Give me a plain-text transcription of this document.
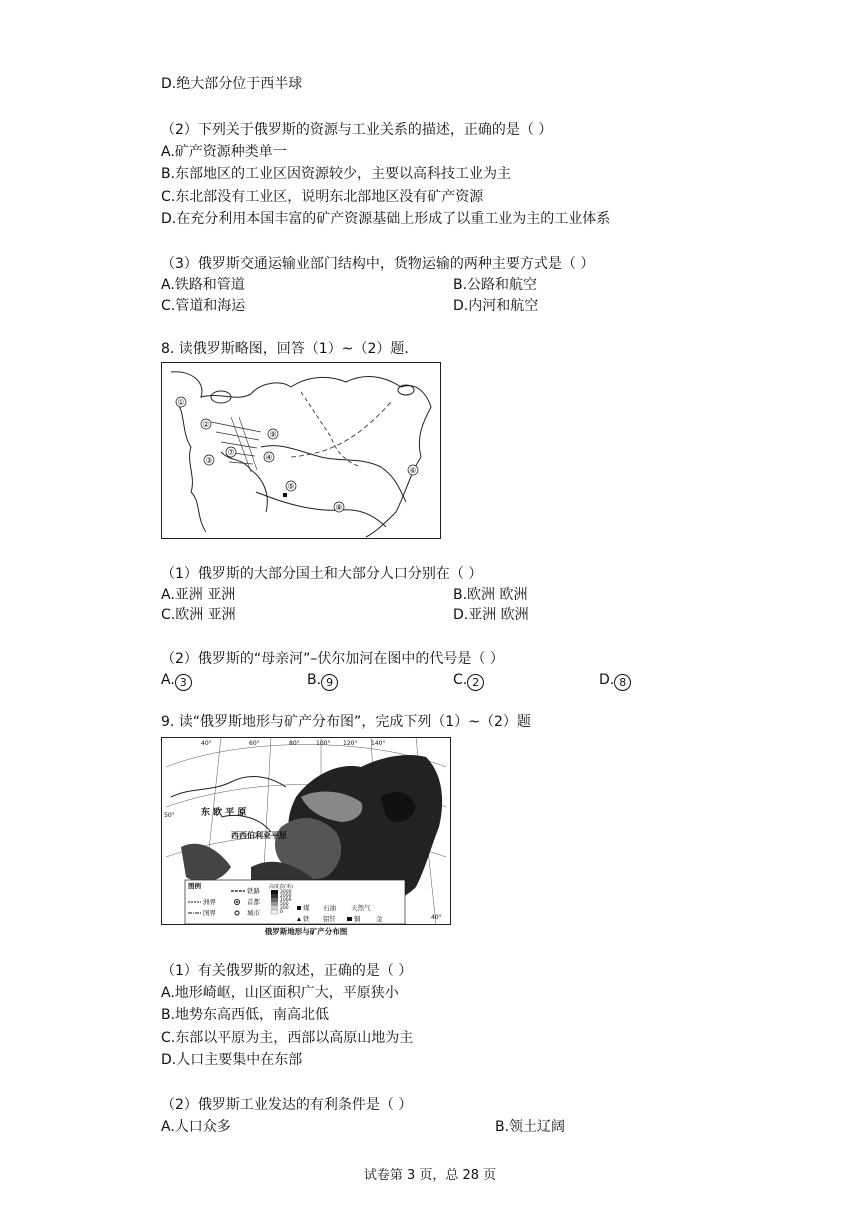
D.绝大部分位于西半球
（2）下列关于俄罗斯的资源与工业关系的描述，正确的是（ ）
A.矿产资源种类单一
B.东部地区的工业区因资源较少，主要以高科技工业为主
C.东北部没有工业区，说明东北部地区没有矿产资源
D.在充分利用本国丰富的矿产资源基础上形成了以重工业为主的工业体系
（3）俄罗斯交通运输业部门结构中，货物运输的两种主要方式是（ ）
A.铁路和管道	B.公路和航空
C.管道和海运	D.内河和航空
8. 读俄罗斯略图，回答（1）~（2）题．
①
②
③	④
⑤
⑥
⑦
⑧
⑨
（1）俄罗斯的大部分国土和大部分人口分别在（ ）
A.亚洲 亚洲	B.欧洲 欧洲
C.欧洲 亚洲	D.亚洲 欧洲
（2）俄罗斯的“母亲河”–伏尔加河在图中的代号是（ ）
A. 3	B. 9	C. 2	D. 8
9. 读“俄罗斯地形与矿产分布图”，完成下列（1）~（2）题
东 欧 平 原
西西伯利亚平原
40°	60°	80°	100° 120° 140°
50°
40°
图例
洲界
国界
铁路
首都
城市
高度表(米)
3000
2000
1000
500
200
0
煤 石油 天然气
铁 铝钎	铜 金
俄罗斯地形与矿产分布图
（1）有关俄罗斯的叙述，正确的是（ ）
A.地形崎岖，山区面积广大，平原狭小
B.地势东高西低，南高北低
C.东部以平原为主，西部以高原山地为主
D.人口主要集中在东部
（2）俄罗斯工业发达的有利条件是（ ）
A.人口众多	B.领土辽阔
试卷第 3 页，总 28 页
